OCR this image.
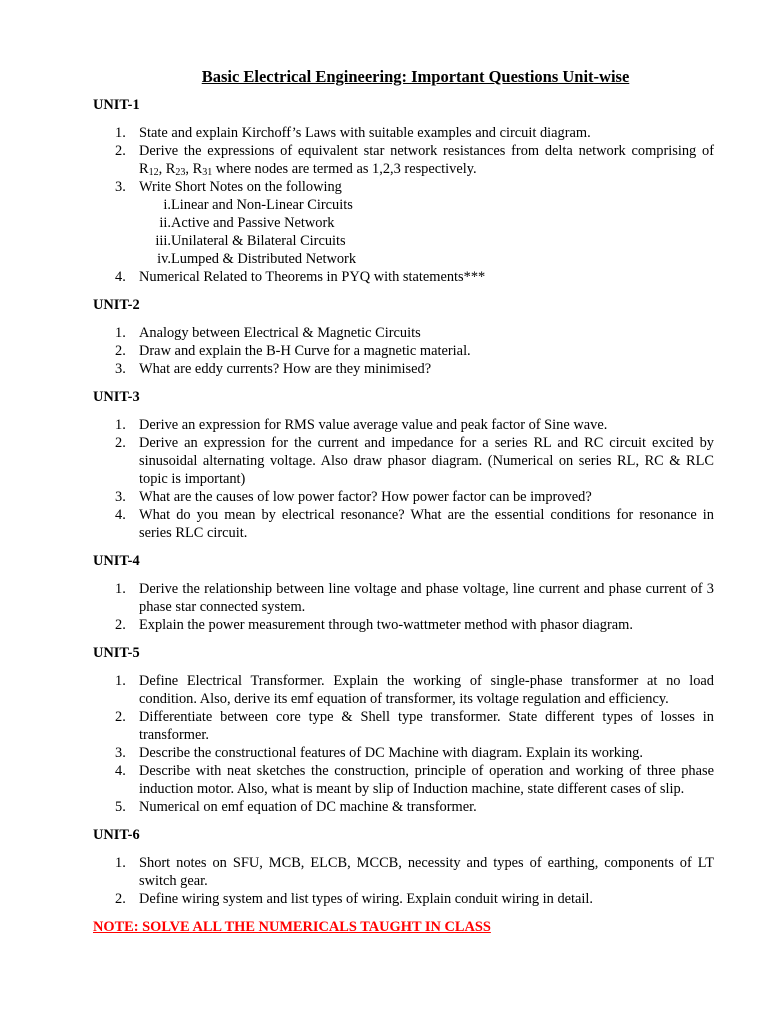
Basic Electrical Engineering: Important Questions Unit-wise
UNIT-1
1. State and explain Kirchoff’s Laws with suitable examples and circuit diagram.
2. Derive the expressions of equivalent star network resistances from delta network comprising of $R_{12}$, $R_{23}$, $R_{31}$ where nodes are termed as 1,2,3 respectively.
3. Write Short Notes on the following
i. Linear and Non-Linear Circuits
ii. Active and Passive Network
iii. Unilateral & Bilateral Circuits
iv. Lumped & Distributed Network
4. Numerical Related to Theorems in PYQ with statements***
UNIT-2
1. Analogy between Electrical & Magnetic Circuits
2. Draw and explain the B-H Curve for a magnetic material.
3. What are eddy currents? How are they minimised?
UNIT-3
1. Derive an expression for RMS value average value and peak factor of Sine wave.
2. Derive an expression for the current and impedance for a series RL and RC circuit excited by sinusoidal alternating voltage. Also draw phasor diagram. (Numerical on series RL, RC & RLC topic is important)
3. What are the causes of low power factor? How power factor can be improved?
4. What do you mean by electrical resonance? What are the essential conditions for resonance in series RLC circuit.
UNIT-4
1. Derive the relationship between line voltage and phase voltage, line current and phase current of 3 phase star connected system.
2. Explain the power measurement through two-wattmeter method with phasor diagram.
UNIT-5
1. Define Electrical Transformer. Explain the working of single-phase transformer at no load condition. Also, derive its emf equation of transformer, its voltage regulation and efficiency.
2. Differentiate between core type & Shell type transformer. State different types of losses in transformer.
3. Describe the constructional features of DC Machine with diagram. Explain its working.
4. Describe with neat sketches the construction, principle of operation and working of three phase induction motor. Also, what is meant by slip of Induction machine, state different cases of slip.
5. Numerical on emf equation of DC machine & transformer.
UNIT-6
1. Short notes on SFU, MCB, ELCB, MCCB, necessity and types of earthing, components of LT switch gear.
2. Define wiring system and list types of wiring. Explain conduit wiring in detail.
NOTE: SOLVE ALL THE NUMERICALS TAUGHT IN CLASS
